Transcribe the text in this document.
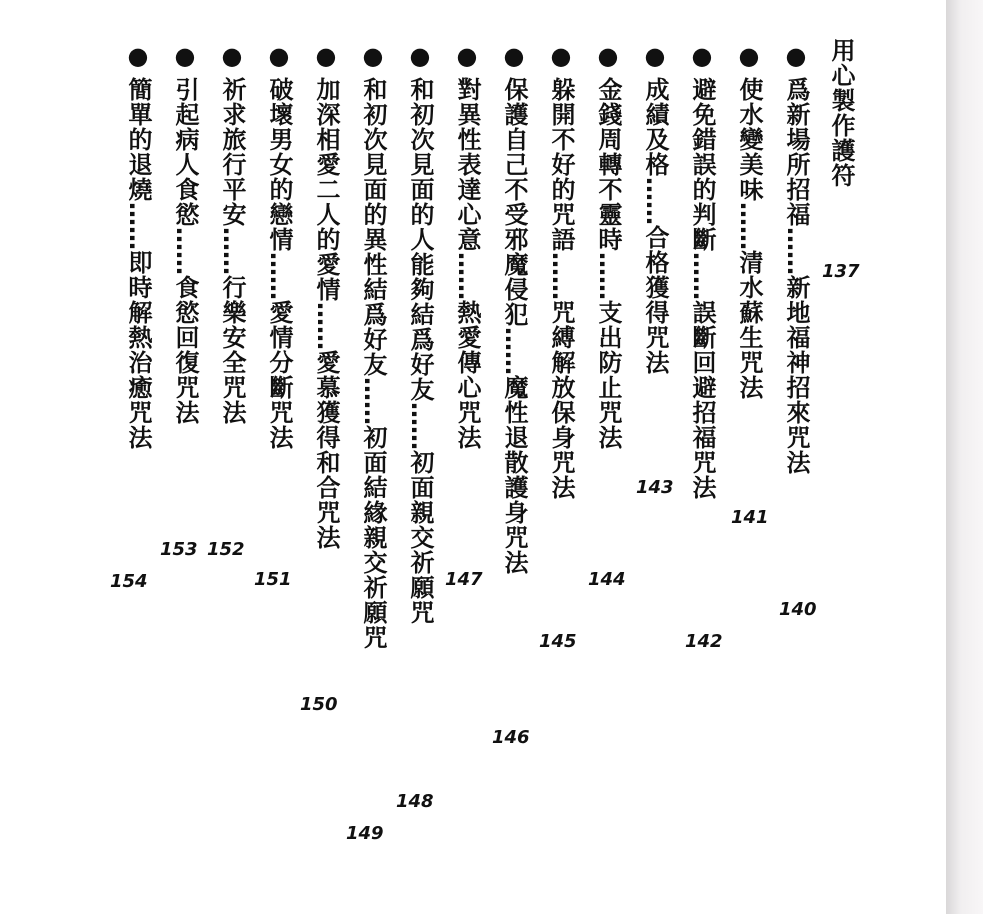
用心製作護符
137
●爲新場所招福……新地福神招來咒法
140
●使水變美味……清水蘇生咒法
141
●避免錯誤的判斷……誤斷回避招福咒法
142
●成績及格……合格獲得咒法
143
●金錢周轉不靈時……支出防止咒法
144
●躲開不好的咒語……咒縛解放保身咒法
145
●保護自己不受邪魔侵犯……魔性退散護身咒法
146
●對異性表達心意……熱愛傳心咒法
147
●和初次見面的人能夠結爲好友……初面親交祈願咒
148
●和初次見面的異性結爲好友……初面結緣親交祈願咒
149
●加深相愛二人的愛情……愛慕獲得和合咒法
150
●破壞男女的戀情……愛情分斷咒法
151
●祈求旅行平安……行樂安全咒法
152
●引起病人食慾……食慾回復咒法
153
●簡單的退燒……即時解熱治癒咒法
154
